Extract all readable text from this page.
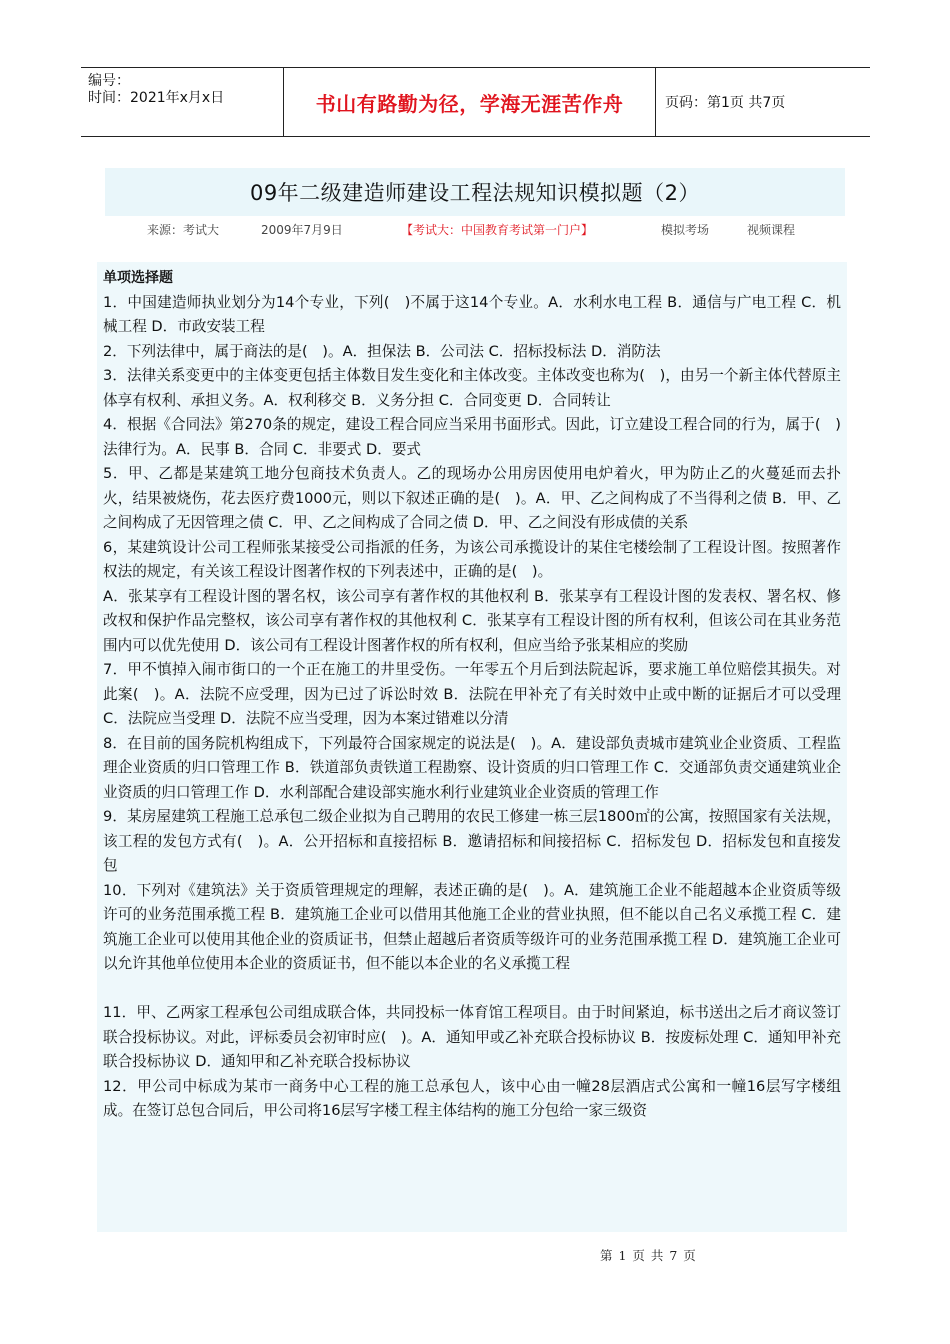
编号：
时间：2021年x月x日	书山有路勤为径，学海无涯苦作舟	页码：第1页 共7页
09年二级建造师建设工程法规知识模拟题（2）
来源：考试大	2009年7月9日	【考试大：中国教育考试第一门户】	模拟考场	视频课程
单项选择题

1．中国建造师执业划分为14个专业，下列(　)不属于这14个专业。A．水利水电工程 B．通信与广电工程 C．机械工程 D．市政安装工程

2．下列法律中，属于商法的是(　)。A．担保法 B．公司法 C．招标投标法 D．消防法

3．法律关系变更中的主体变更包括主体数目发生变化和主体改变。主体改变也称为(　)，由另一个新主体代替原主体享有权利、承担义务。A．权利移交 B．义务分担 C．合同变更 D．合同转让

4．根据《合同法》第270条的规定，建设工程合同应当采用书面形式。因此，订立建设工程合同的行为，属于(　)法律行为。A．民事 B．合同 C．非要式 D．要式

5．甲、乙都是某建筑工地分包商技术负责人。乙的现场办公用房因使用电炉着火，甲为防止乙的火蔓延而去扑火，结果被烧伤，花去医疗费1000元，则以下叙述正确的是(　)。A．甲、乙之间构成了不当得利之债 B．甲、乙之间构成了无因管理之债 C．甲、乙之间构成了合同之债 D．甲、乙之间没有形成债的关系

6，某建筑设计公司工程师张某接受公司指派的任务，为该公司承揽设计的某住宅楼绘制了工程设计图。按照著作权法的规定，有关该工程设计图著作权的下列表述中，正确的是(　)。

A．张某享有工程设计图的署名权，该公司享有著作权的其他权利 B．张某享有工程设计图的发表权、署名权、修改权和保护作品完整权，该公司享有著作权的其他权利 C．张某享有工程设计图的所有权利，但该公司在其业务范围内可以优先使用 D．该公司有工程设计图著作权的所有权利，但应当给予张某相应的奖励

7．甲不慎掉入闹市街口的一个正在施工的井里受伤。一年零五个月后到法院起诉，要求施工单位赔偿其损失。对此案(　)。A．法院不应受理，因为已过了诉讼时效 B．法院在甲补充了有关时效中止或中断的证据后才可以受理 C．法院应当受理 D．法院不应当受理，因为本案过错难以分清

8．在目前的国务院机构组成下，下列最符合国家规定的说法是(　)。A．建设部负责城市建筑业企业资质、工程监理企业资质的归口管理工作 B．铁道部负责铁道工程勘察、设计资质的归口管理工作 C．交通部负责交通建筑业企业资质的归口管理工作 D．水利部配合建设部实施水利行业建筑业企业资质的管理工作

9．某房屋建筑工程施工总承包二级企业拟为自己聘用的农民工修建一栋三层1800㎡的公寓，按照国家有关法规，该工程的发包方式有(　)。A．公开招标和直接招标 B．邀请招标和间接招标 C．招标发包 D．招标发包和直接发包

10．下列对《建筑法》关于资质管理规定的理解，表述正确的是(　)。A．建筑施工企业不能超越本企业资质等级许可的业务范围承揽工程 B．建筑施工企业可以借用其他施工企业的营业执照，但不能以自己名义承揽工程 C．建筑施工企业可以使用其他企业的资质证书，但禁止超越后者资质等级许可的业务范围承揽工程 D．建筑施工企业可以允许其他单位使用本企业的资质证书，但不能以本企业的名义承揽工程

11．甲、乙两家工程承包公司组成联合体，共同投标一体育馆工程项目。由于时间紧迫，标书送出之后才商议签订联合投标协议。对此，评标委员会初审时应(　)。A．通知甲或乙补充联合投标协议 B．按废标处理 C．通知甲补充联合投标协议 D．通知甲和乙补充联合投标协议

12．甲公司中标成为某市一商务中心工程的施工总承包人，该中心由一幢28层酒店式公寓和一幢16层写字楼组成。在签订总包合同后，甲公司将16层写字楼工程主体结构的施工分包给一家三级资

第 1 页 共 7 页
